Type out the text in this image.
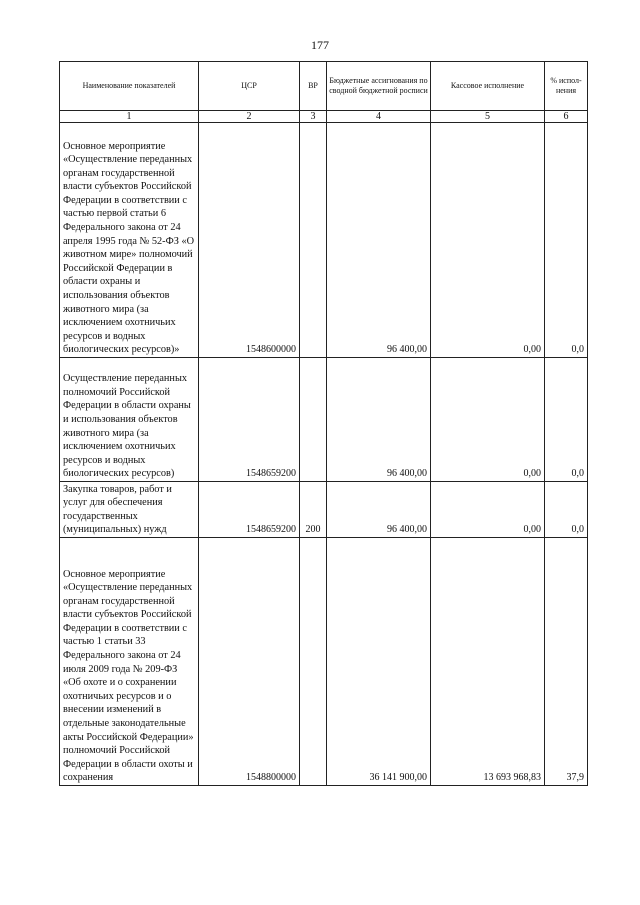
177
Наименование показателей	ЦСР	ВР	Бюджетные ассигнования по сводной бюджетной росписи	Кассовое исполнение	% испол-нения
1	2	3	4	5	6
Основное мероприятие «Осуществление переданных органам государственной власти субъектов Российской Федерации в соответствии с частью первой статьи 6 Федерального закона от 24 апреля 1995 года № 52-ФЗ «О животном мире» полномочий Российской Федерации в области охраны и использования объектов животного мира (за исключением охотничьих ресурсов и водных биологических ресурсов)»	1548600000		96 400,00	0,00	0,0
Осуществление переданных полномочий Российской Федерации в области охраны и использования объектов животного мира (за исключением охотничьих ресурсов и водных биологических ресурсов)	1548659200		96 400,00	0,00	0,0
Закупка товаров, работ и услуг для обеспечения государственных (муниципальных) нужд	1548659200	200	96 400,00	0,00	0,0
Основное мероприятие «Осуществление переданных органам государственной власти субъектов Российской Федерации в соответствии с частью 1 статьи 33 Федерального закона от 24 июля 2009 года № 209-ФЗ «Об охоте и о сохранении охотничьих ресурсов и о внесении изменений в отдельные законодательные акты Российской Федерации» полномочий Российской Федерации в области охоты и сохранения	1548800000		36 141 900,00	13 693 968,83	37,9
